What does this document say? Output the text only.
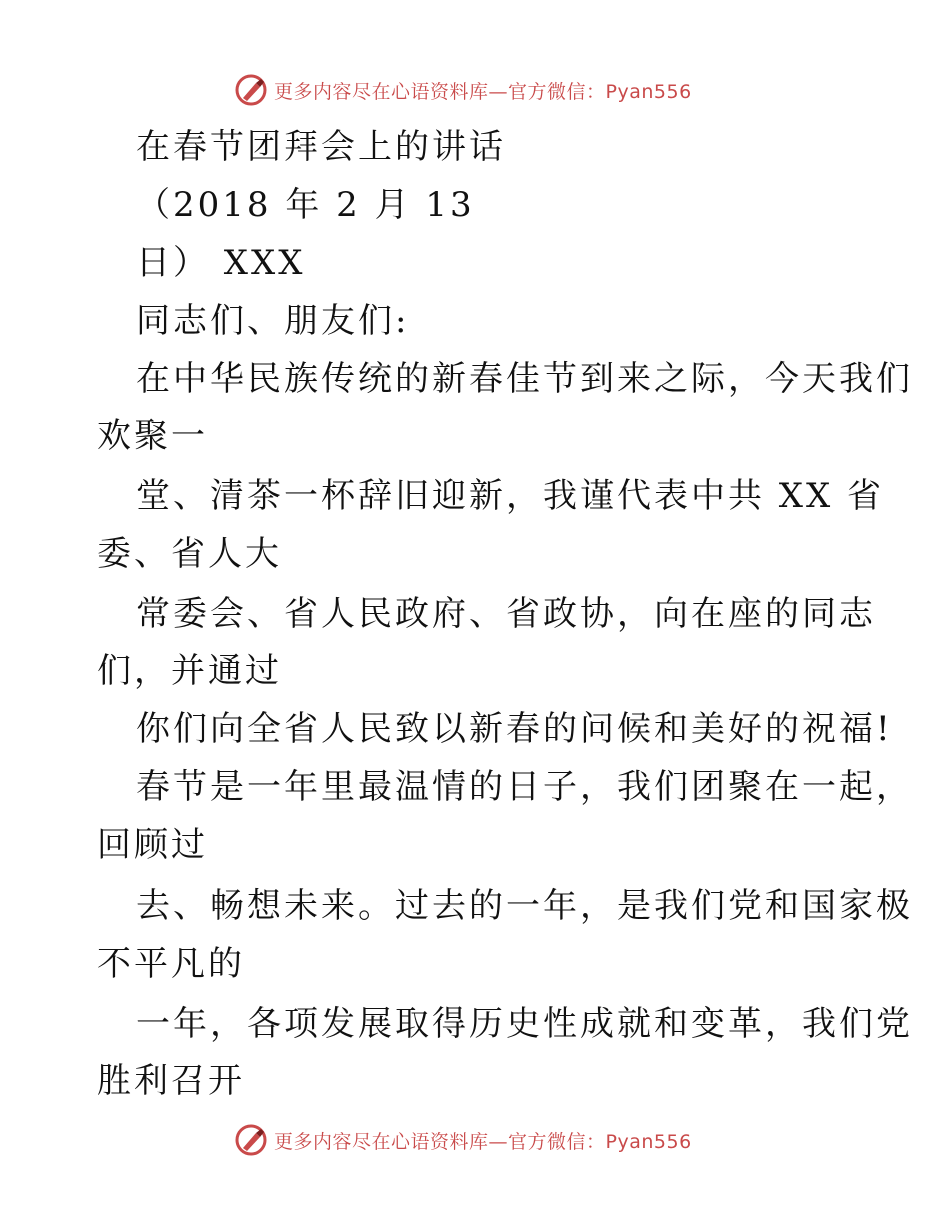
更多内容尽在心语资料库—官方微信：Pyan556
在春节团拜会上的讲话
（2018 年 2 月 13
日） XXX
同志们、朋友们:
在中华民族传统的新春佳节到来之际，今天我们
欢聚一
堂、清茶一杯辞旧迎新，我谨代表中共 XX 省
委、省人大
常委会、省人民政府、省政协，向在座的同志
们，并通过
你们向全省人民致以新春的问候和美好的祝福!
春节是一年里最温情的日子，我们团聚在一起，
回顾过
去、畅想未来。过去的一年，是我们党和国家极
不平凡的
一年，各项发展取得历史性成就和变革，我们党
胜利召开
更多内容尽在心语资料库—官方微信：Pyan556
